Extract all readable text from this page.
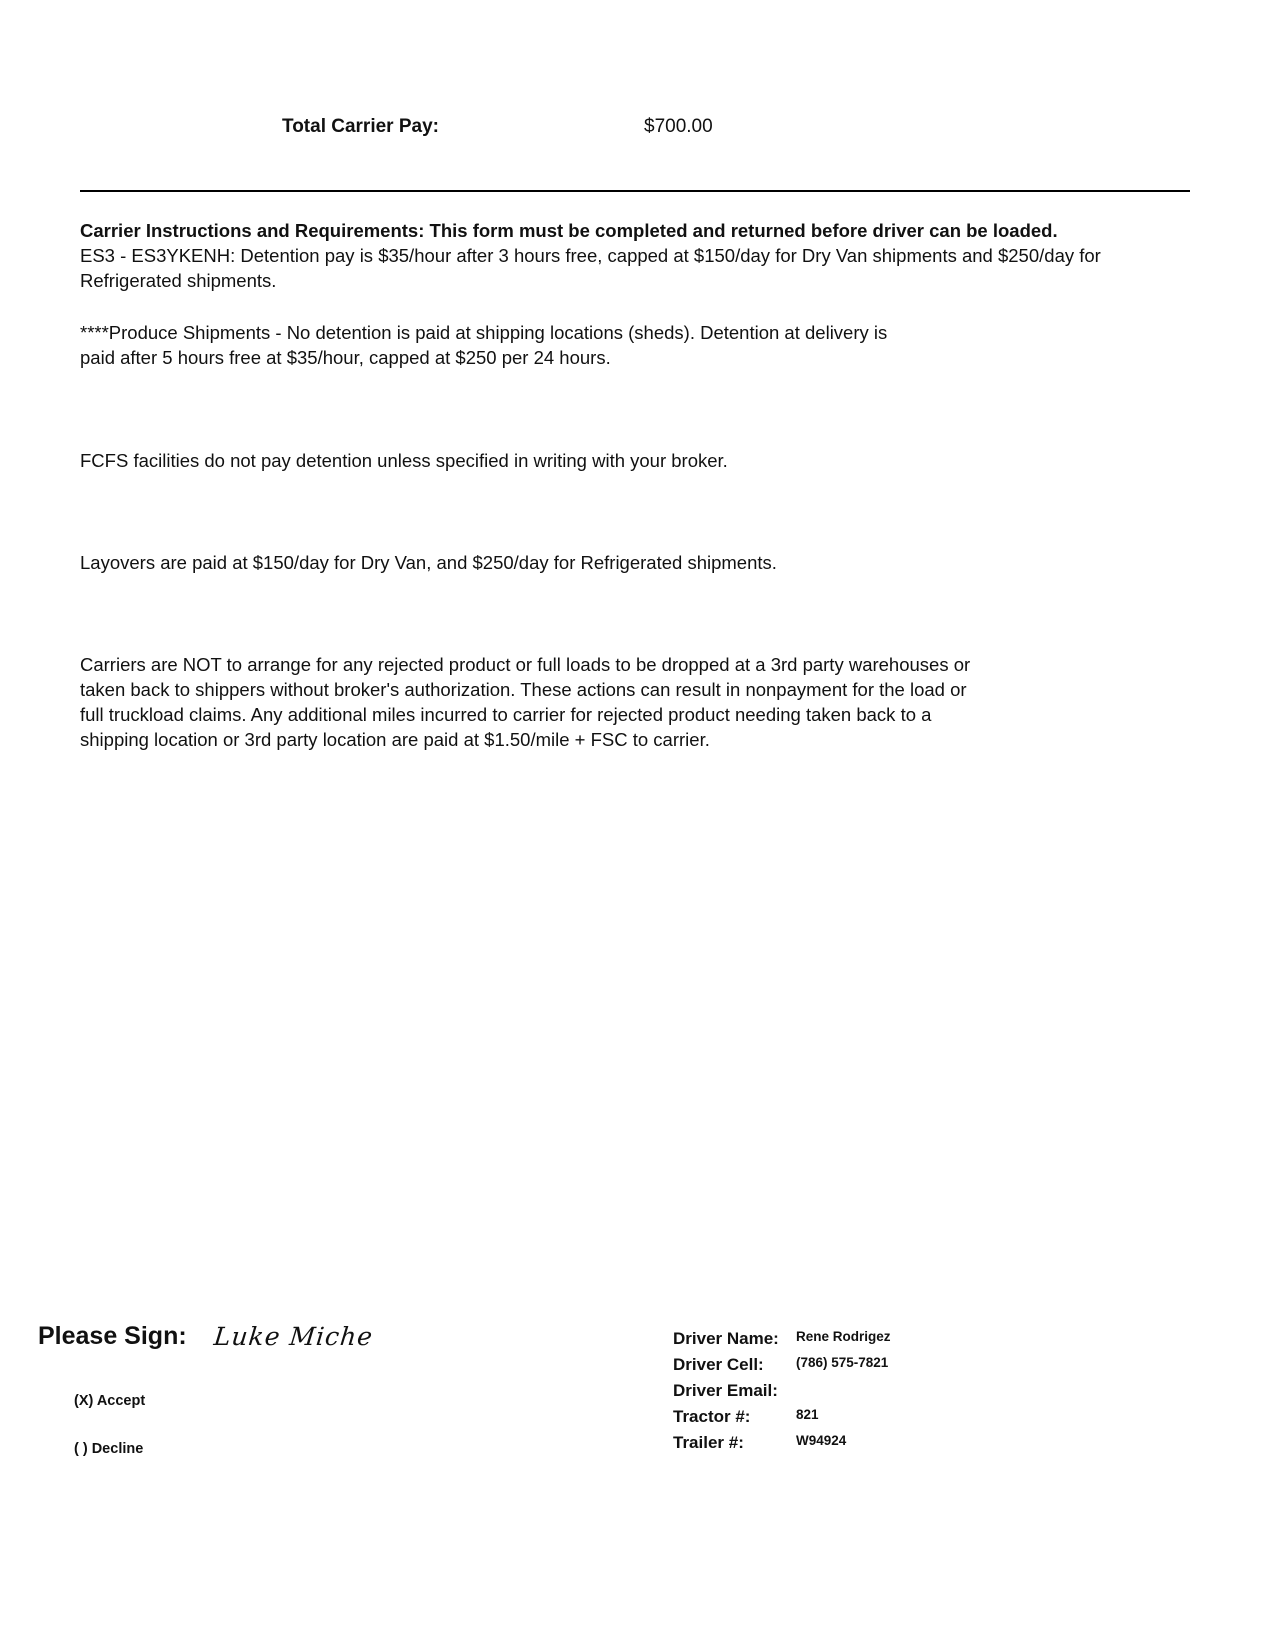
Total Carrier Pay:	$700.00

Carrier Instructions and Requirements: This form must be completed and returned before driver can be loaded.

ES3 - ES3YKENH: Detention pay is $35/hour after 3 hours free, capped at $150/day for Dry Van shipments and $250/day for Refrigerated shipments.

****Produce Shipments - No detention is paid at shipping locations (sheds). Detention at delivery is

paid after 5 hours free at $35/hour, capped at $250 per 24 hours.

FCFS facilities do not pay detention unless specified in writing with your broker.
Layovers are paid at $150/day for Dry Van, and $250/day for Refrigerated shipments.

Carriers are NOT to arrange for any rejected product or full loads to be dropped at a 3rd party warehouses or

taken back to shippers without broker's authorization. These actions can result in nonpayment for the load or

full truckload claims. Any additional miles incurred to carrier for rejected product needing taken back to a

shipping location or 3rd party location are paid at $1.50/mile + FSC to carrier.

Please Sign: Luke Miche
(X) Accept
( ) Decline
Driver Name: Rene Rodrigez
Driver Cell: (786) 575-7821
Driver Email:
Tractor #:	821
Trailer #:	W94924
